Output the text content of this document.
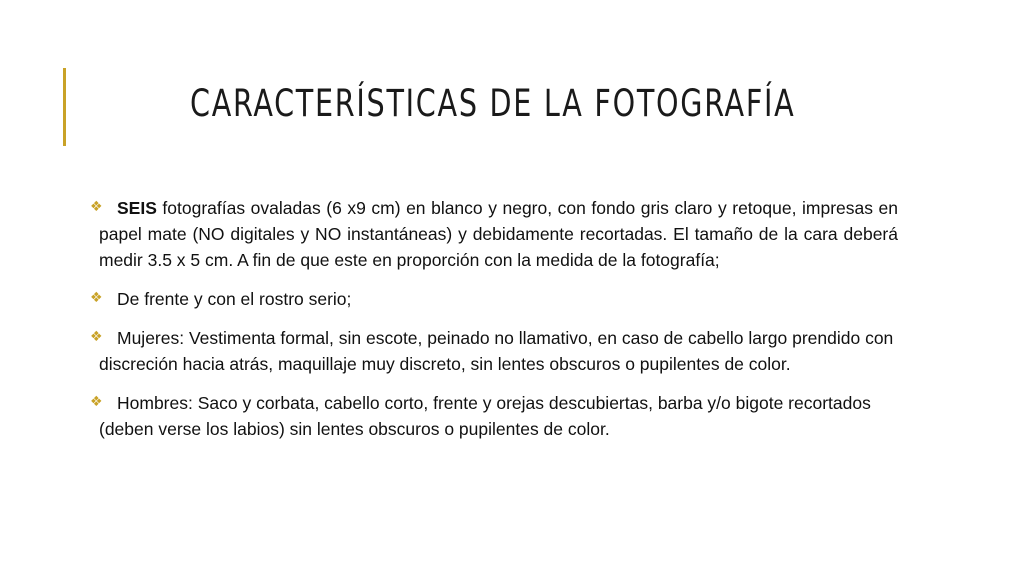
CARACTERÍSTICAS DE LA FOTOGRAFÍA
❖ SEIS fotografías ovaladas (6 x9 cm) en blanco y negro, con fondo gris claro y retoque, impresas en papel mate (NO digitales y NO instantáneas) y debidamente recortadas. El tamaño de la cara deberá medir 3.5 x 5 cm. A fin de que este en proporción con la medida de la fotografía;
❖ De frente y con el rostro serio;
❖ Mujeres: Vestimenta formal, sin escote, peinado no llamativo, en caso de cabello largo prendido con discreción hacia atrás, maquillaje muy discreto, sin lentes obscuros o pupilentes de color.
❖ Hombres: Saco y corbata, cabello corto, frente y orejas descubiertas, barba y/o bigote recortados (deben verse los labios) sin lentes obscuros o pupilentes de color.
